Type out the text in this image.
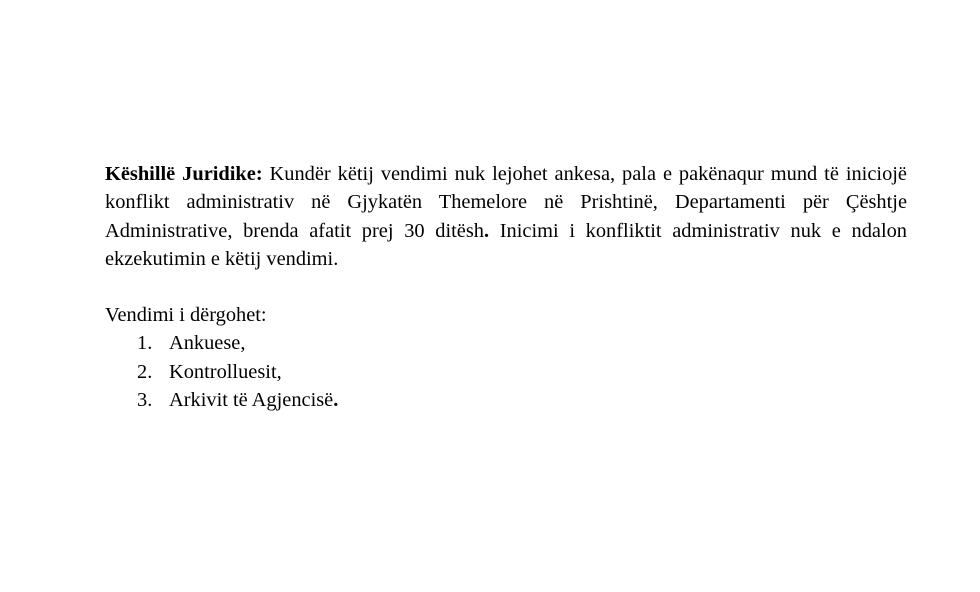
Këshillë Juridike: Kundër këtij vendimi nuk lejohet ankesa, pala e pakënaqur mund të iniciojë konflikt administrativ në Gjykatën Themelore në Prishtinë, Departamenti për Çështje Administrative, brenda afatit prej 30 ditësh. Inicimi i konfliktit administrativ nuk e ndalon ekzekutimin e këtij vendimi.

Vendimi i dërgohet:
1. Ankuese,
2. Kontrolluesit,
3. Arkivit të Agjencisë.
